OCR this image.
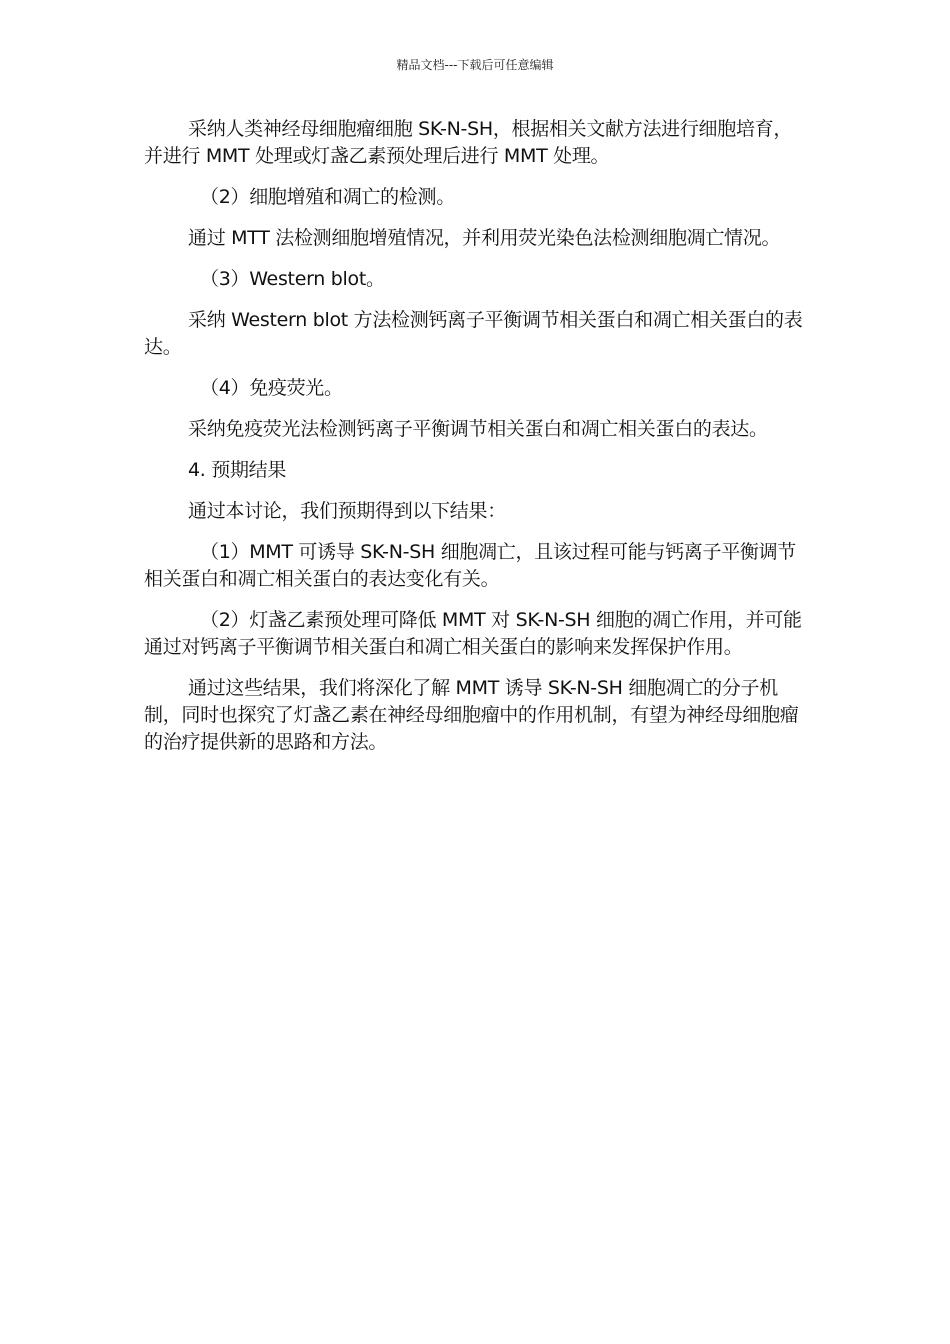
精品文档---下载后可任意编辑

采纳人类神经母细胞瘤细胞 SK-N-SH，根据相关文献方法进行细胞培育，并进行 MMT 处理或灯盏乙素预处理后进行 MMT 处理。

（2）细胞增殖和凋亡的检测。

通过 MTT 法检测细胞增殖情况，并利用荧光染色法检测细胞凋亡情况。

（3）Western blot。

采纳 Western blot 方法检测钙离子平衡调节相关蛋白和凋亡相关蛋白的表达。

（4）免疫荧光。

采纳免疫荧光法检测钙离子平衡调节相关蛋白和凋亡相关蛋白的表达。

4. 预期结果

通过本讨论，我们预期得到以下结果：

（1）MMT 可诱导 SK-N-SH 细胞凋亡，且该过程可能与钙离子平衡调节相关蛋白和凋亡相关蛋白的表达变化有关。

（2）灯盏乙素预处理可降低 MMT 对 SK-N-SH 细胞的凋亡作用，并可能通过对钙离子平衡调节相关蛋白和凋亡相关蛋白的影响来发挥保护作用。

通过这些结果，我们将深化了解 MMT 诱导 SK-N-SH 细胞凋亡的分子机制，同时也探究了灯盏乙素在神经母细胞瘤中的作用机制，有望为神经母细胞瘤的治疗提供新的思路和方法。
